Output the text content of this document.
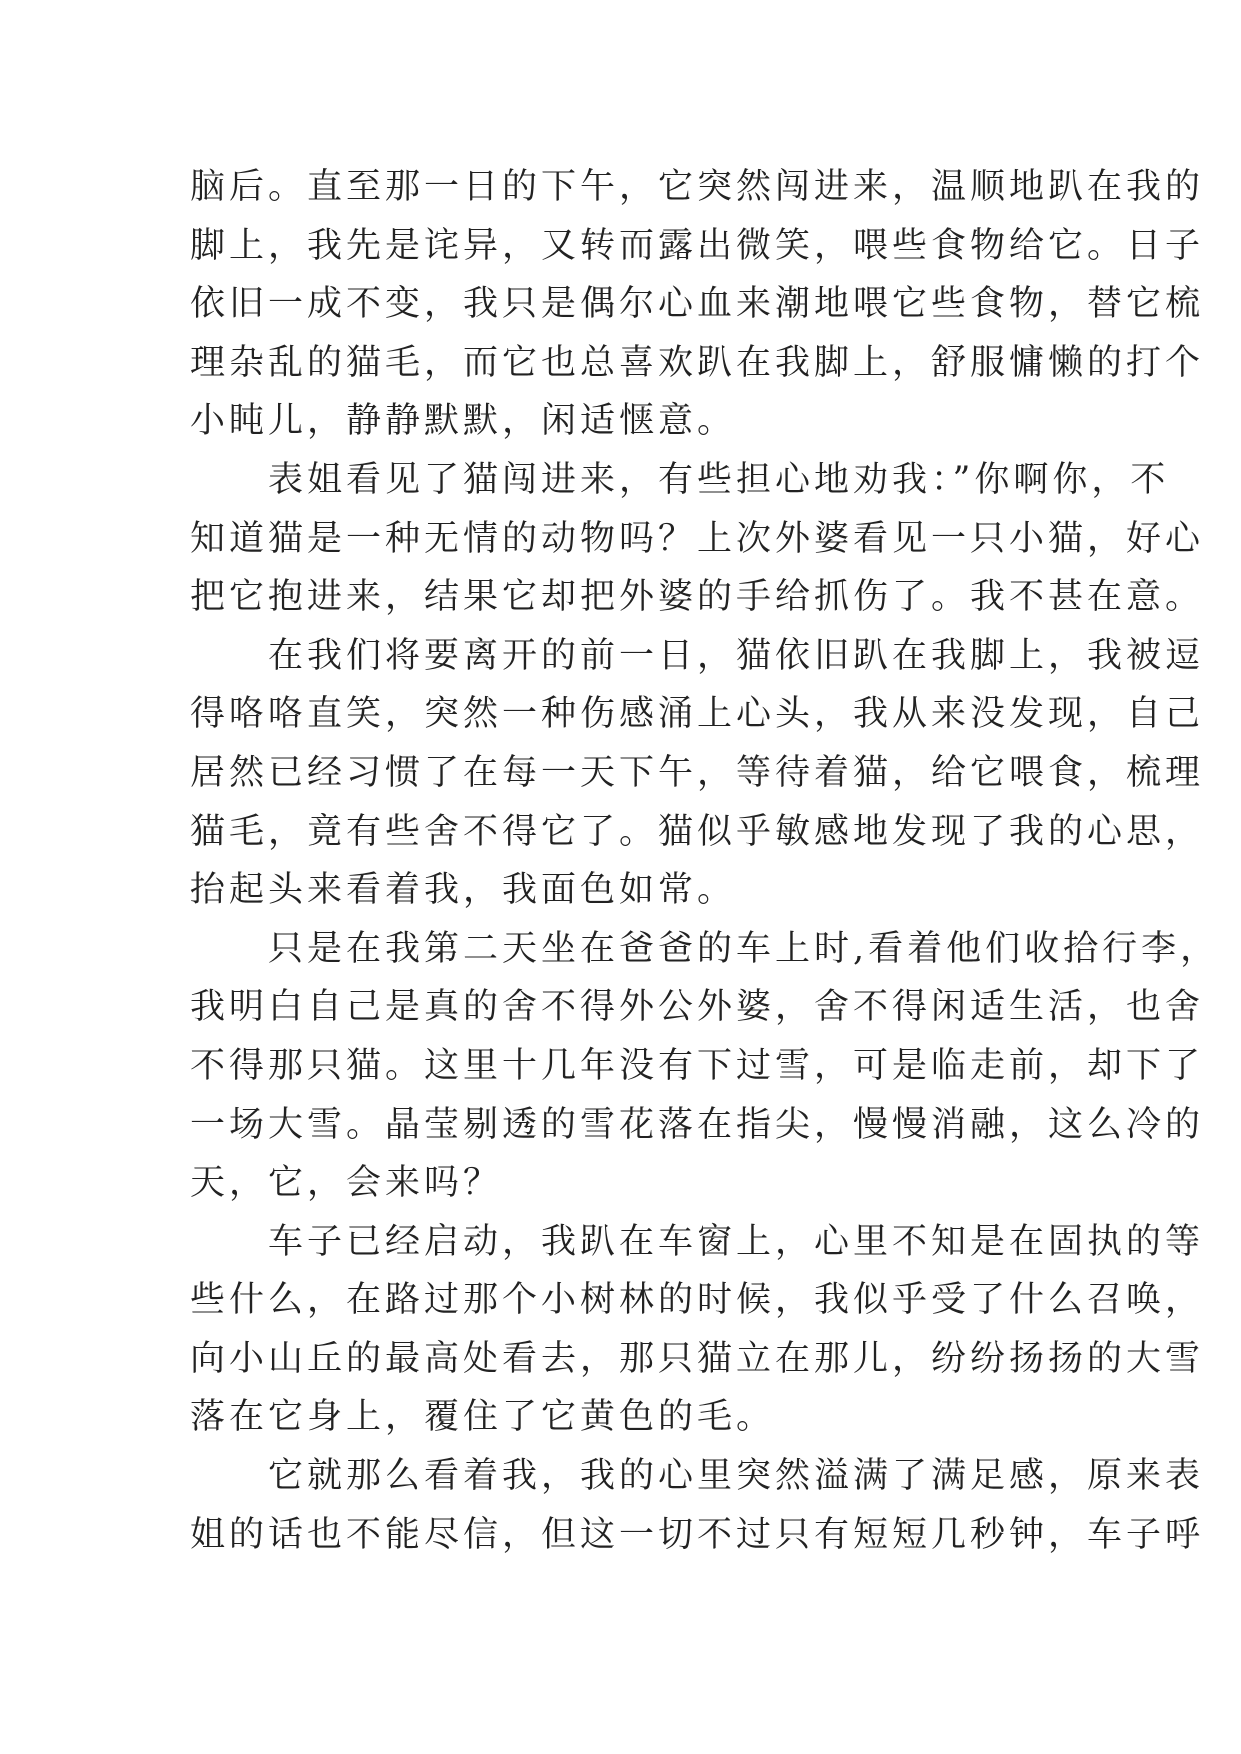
脑后。直至那一日的下午，它突然闯进来，温顺地趴在我的
脚上，我先是诧异，又转而露出微笑，喂些食物给它。日子
依旧一成不变，我只是偶尔心血来潮地喂它些食物，替它梳
理杂乱的猫毛，而它也总喜欢趴在我脚上，舒服慵懒的打个
小盹儿，静静默默，闲适惬意。
　　表姐看见了猫闯进来，有些担心地劝我：”你啊你，不
知道猫是一种无情的动物吗？上次外婆看见一只小猫，好心
把它抱进来，结果它却把外婆的手给抓伤了。我不甚在意。
　　在我们将要离开的前一日，猫依旧趴在我脚上，我被逗
得咯咯直笑，突然一种伤感涌上心头，我从来没发现，自己
居然已经习惯了在每一天下午，等待着猫，给它喂食，梳理
猫毛，竟有些舍不得它了。猫似乎敏感地发现了我的心思，
抬起头来看着我，我面色如常。
　　只是在我第二天坐在爸爸的车上时,看着他们收拾行李，
我明白自己是真的舍不得外公外婆，舍不得闲适生活，也舍
不得那只猫。这里十几年没有下过雪，可是临走前，却下了
一场大雪。晶莹剔透的雪花落在指尖，慢慢消融，这么冷的
天，它，会来吗？
　　车子已经启动，我趴在车窗上，心里不知是在固执的等
些什么，在路过那个小树林的时候，我似乎受了什么召唤，
向小山丘的最高处看去，那只猫立在那儿，纷纷扬扬的大雪
落在它身上，覆住了它黄色的毛。
　　它就那么看着我，我的心里突然溢满了满足感，原来表
姐的话也不能尽信，但这一切不过只有短短几秒钟，车子呼
